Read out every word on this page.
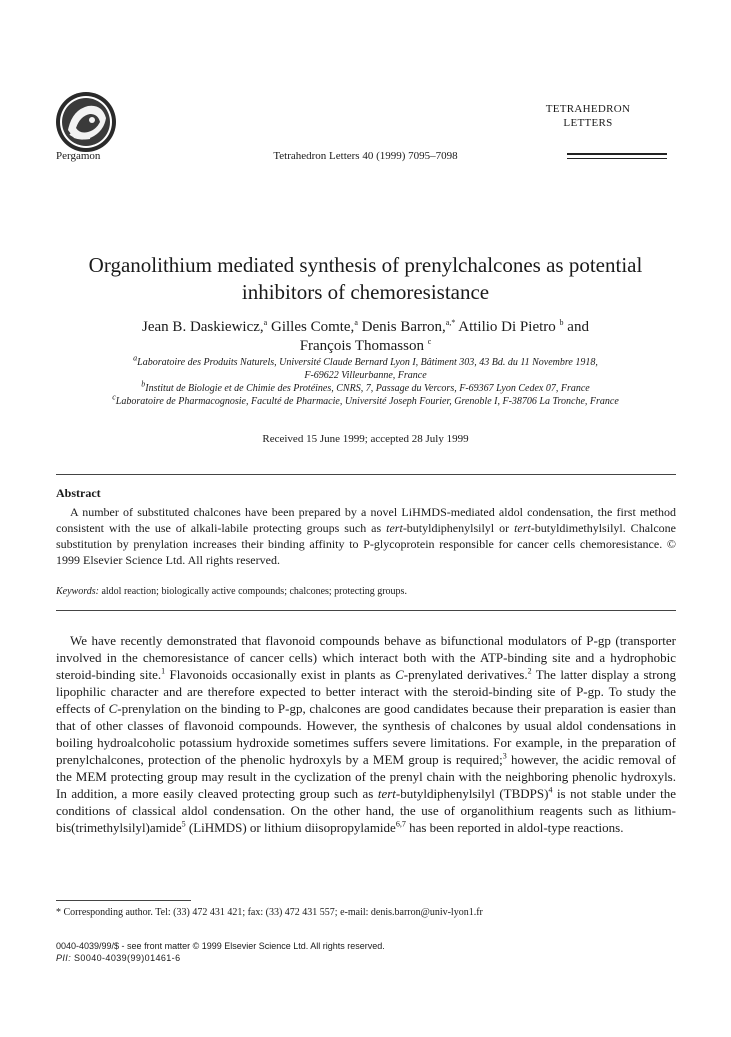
Pergamon	Tetrahedron Letters 40 (1999) 7095–7098
TETRAHEDRON
LETTERS
Organolithium mediated synthesis of prenylchalcones as potential
inhibitors of chemoresistance
Jean B. Daskiewicz,$^a$ Gilles Comte,$^a$ Denis Barron,$^{a,*}$ Attilio Di Pietro $^b$ and
François Thomasson $^c$
$^a$Laboratoire des Produits Naturels, Université Claude Bernard Lyon I, Bâtiment 303, 43 Bd. du 11 Novembre 1918,
F-69622 Villeurbanne, France
$^b$Institut de Biologie et de Chimie des Protéines, CNRS, 7, Passage du Vercors, F-69367 Lyon Cedex 07, France
$^c$Laboratoire de Pharmacognosie, Faculté de Pharmacie, Université Joseph Fourier, Grenoble I, F-38706 La Tronche, France
Received 15 June 1999; accepted 28 July 1999
Abstract
A number of substituted chalcones have been prepared by a novel LiHMDS-mediated aldol condensation, the first method consistent with the use of alkali-labile protecting groups such as tert-butyldiphenylsilyl or tert-butyldimethylsilyl. Chalcone substitution by prenylation increases their binding affinity to P-glycoprotein responsible for cancer cells chemoresistance. © 1999 Elsevier Science Ltd. All rights reserved.
Keywords: aldol reaction; biologically active compounds; chalcones; protecting groups.
We have recently demonstrated that flavonoid compounds behave as bifunctional modulators of P-gp (transporter involved in the chemoresistance of cancer cells) which interact both with the ATP-binding site and a hydrophobic steroid-binding site.$^1$ Flavonoids occasionally exist in plants as C-prenylated derivatives.$^2$ The latter display a strong lipophilic character and are therefore expected to better interact with the steroid-binding site of P-gp. To study the effects of C-prenylation on the binding to P-gp, chalcones are good candidates because their preparation is easier than that of other classes of flavonoid compounds. However, the synthesis of chalcones by usual aldol condensations in boiling hydroalcoholic potassium hydroxide sometimes suffers severe limitations. For example, in the preparation of prenylchalcones, protection of the phenolic hydroxyls by a MEM group is required;$^3$ however, the acidic removal of the MEM protecting group may result in the cyclization of the prenyl chain with the neighboring phenolic hydroxyls. In addition, a more easily cleaved protecting group such as tert-butyldiphenylsilyl (TBDPS)$^4$ is not stable under the conditions of classical aldol condensation. On the other hand, the use of organolithium reagents such as lithium-bis(trimethylsilyl)amide$^5$ (LiHMDS) or lithium diisopropylamide$^{6,7}$ has been reported in aldol-type reactions.
* Corresponding author. Tel: (33) 472 431 421; fax: (33) 472 431 557; e-mail: denis.barron@univ-lyon1.fr
0040-4039/99/$ - see front matter © 1999 Elsevier Science Ltd. All rights reserved.
PII: S0040-4039(99)01461-6
